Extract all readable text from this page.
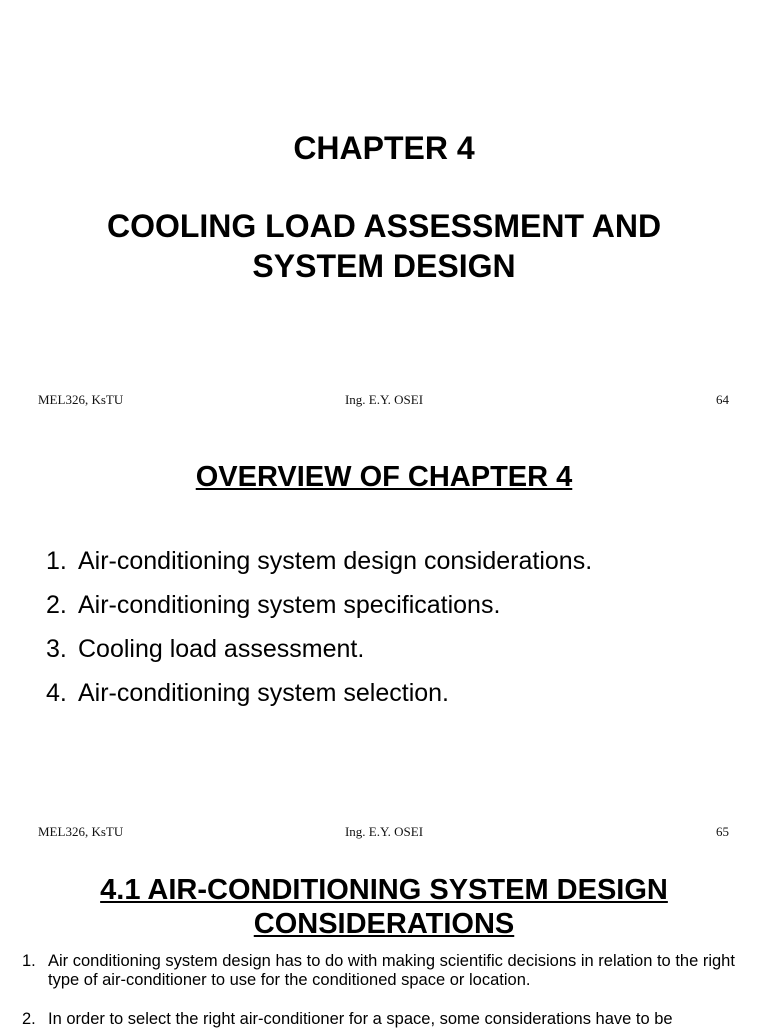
CHAPTER 4
COOLING LOAD ASSESSMENT AND
SYSTEM DESIGN
MEL326, KsTU	Ing. E.Y. OSEI	64
OVERVIEW OF CHAPTER 4
1. Air-conditioning system design considerations.
2. Air-conditioning system specifications.
3. Cooling load assessment.
4. Air-conditioning system selection.
MEL326, KsTU	Ing. E.Y. OSEI	65
4.1 AIR-CONDITIONING SYSTEM DESIGN
CONSIDERATIONS
1. Air conditioning system design has to do with making scientific decisions in relation to the right type of air-conditioner to use for the conditioned space or location.
2. In order to select the right air-conditioner for a space, some considerations have to be
